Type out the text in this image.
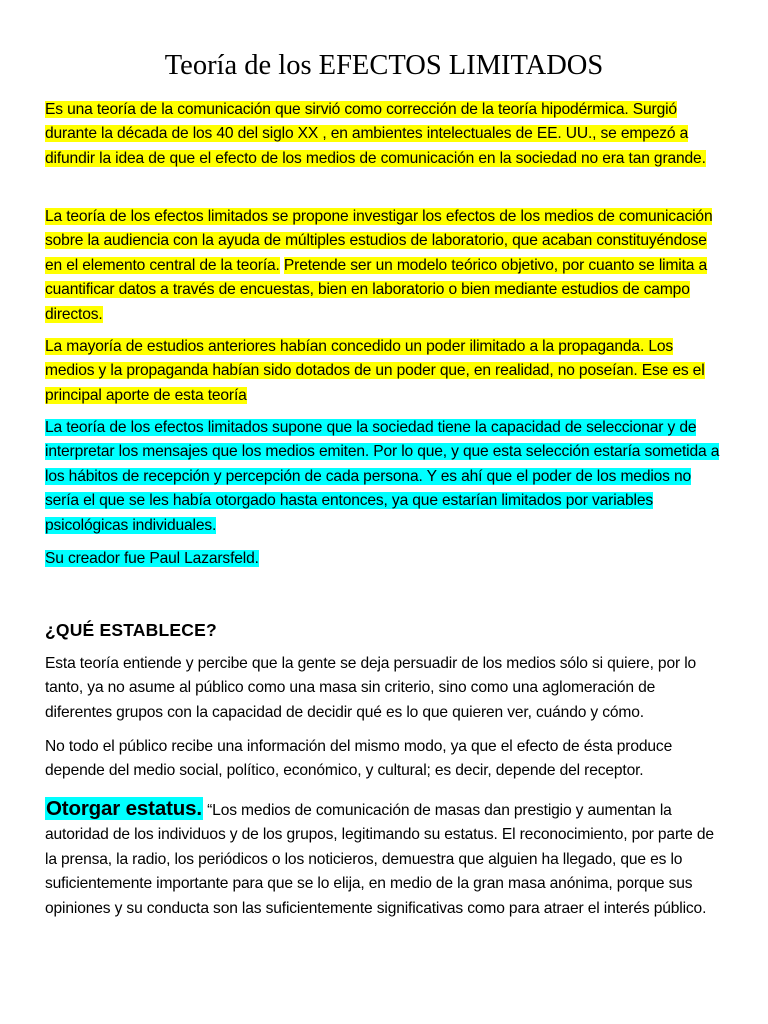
Teoría de los EFECTOS LIMITADOS

Es una teoría de la comunicación que sirvió como corrección de la teoría hipodérmica. Surgió durante la década de los 40 del siglo XX , en ambientes intelectuales de EE. UU., se empezó a difundir la idea de que el efecto de los medios de comunicación en la sociedad no era tan grande.

La teoría de los efectos limitados se propone investigar los efectos de los medios de comunicación sobre la audiencia con la ayuda de múltiples estudios de laboratorio, que acaban constituyéndose en el elemento central de la teoría. Pretende ser un modelo teórico objetivo, por cuanto se limita a cuantificar datos a través de encuestas, bien en laboratorio o bien mediante estudios de campo directos.

La mayoría de estudios anteriores habían concedido un poder ilimitado a la propaganda. Los medios y la propaganda habían sido dotados de un poder que, en realidad, no poseían. Ese es el principal aporte de esta teoría

La teoría de los efectos limitados supone que la sociedad tiene la capacidad de seleccionar y de interpretar los mensajes que los medios emiten. Por lo que, y que esta selección estaría sometida a los hábitos de recepción y percepción de cada persona. Y es ahí que el poder de los medios no sería el que se les había otorgado hasta entonces, ya que estarían limitados por variables psicológicas individuales.

Su creador fue Paul Lazarsfeld.

¿QUÉ ESTABLECE?

Esta teoría entiende y percibe que la gente se deja persuadir de los medios sólo si quiere, por lo tanto, ya no asume al público como una masa sin criterio, sino como una aglomeración de diferentes grupos con la capacidad de decidir qué es lo que quieren ver, cuándo y cómo.

No todo el público recibe una información del mismo modo, ya que el efecto de ésta produce depende del medio social, político, económico, y cultural; es decir, depende del receptor.

Otorgar estatus. “Los medios de comunicación de masas dan prestigio y aumentan la autoridad de los individuos y de los grupos, legitimando su estatus. El reconocimiento, por parte de la prensa, la radio, los periódicos o los noticieros, demuestra que alguien ha llegado, que es lo suficientemente importante para que se lo elija, en medio de la gran masa anónima, porque sus opiniones y su conducta son las suficientemente significativas como para atraer el interés público.
